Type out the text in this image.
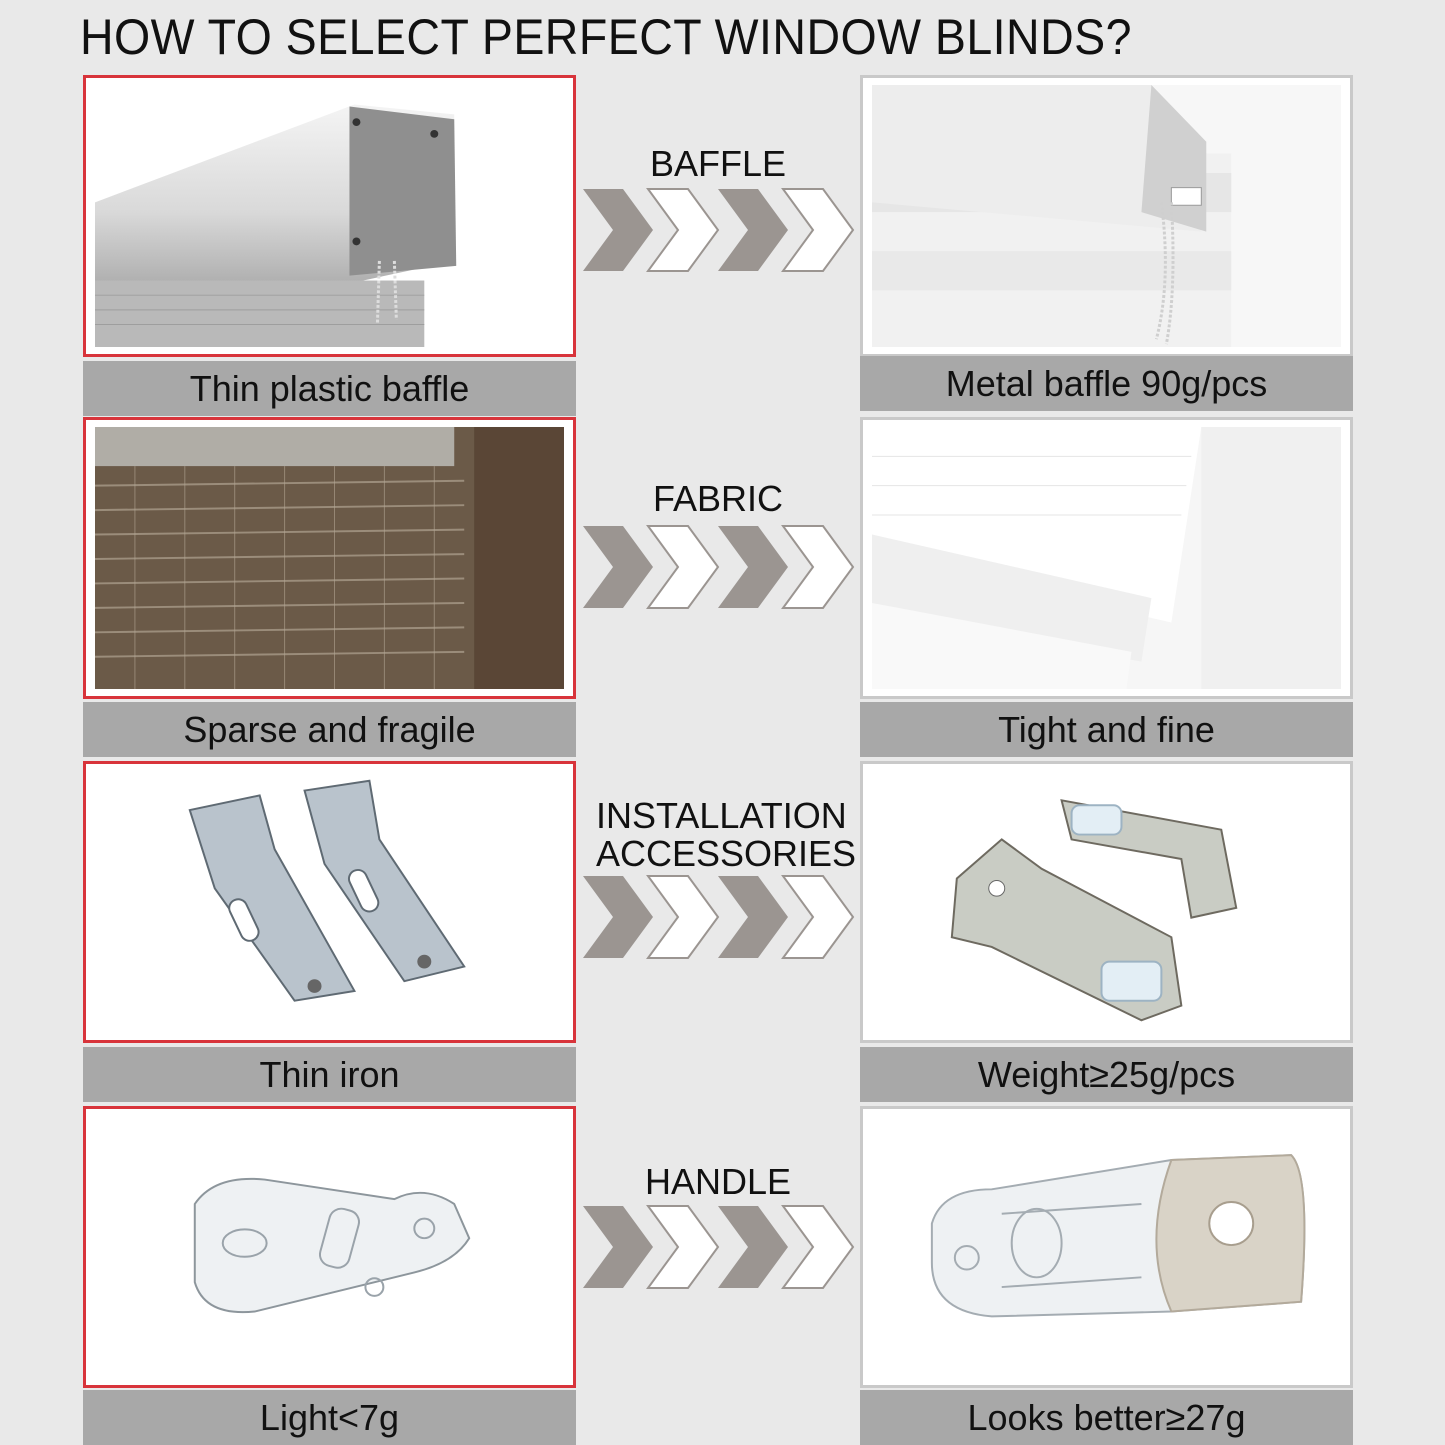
HOW TO SELECT PERFECT WINDOW BLINDS?
Thin plastic baffle
BAFFLE
Metal baffle 90g/pcs
Sparse and fragile
FABRIC
Tight and fine
Thin iron
INSTALLATION
ACCESSORIES
Weight≥25g/pcs
Light<7g
HANDLE
Looks better≥27g
